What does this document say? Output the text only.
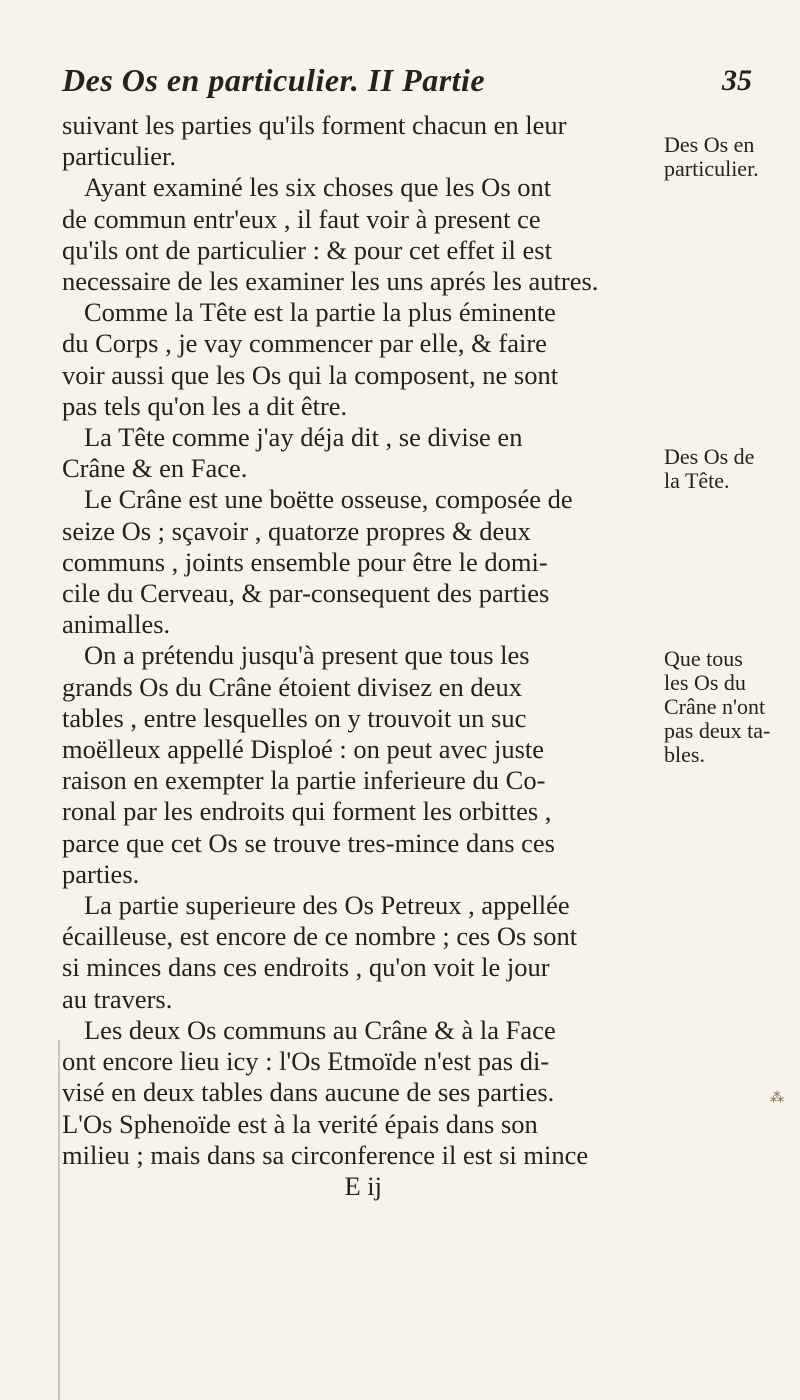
Des Os en particulier. II Partie	35
suivant les parties qu'ils forment chacun en leur
particulier.
Ayant examiné les six choses que les Os ont
de commun entr'eux , il faut voir à present ce
qu'ils ont de particulier : & pour cet effet il est
necessaire de les examiner les uns aprés les autres.
Comme la Tête est la partie la plus éminente
du Corps , je vay commencer par elle, & faire
voir aussi que les Os qui la composent, ne sont
pas tels qu'on les a dit être.
La Tête comme j'ay déja dit , se divise en
Crâne & en Face.
Le Crâne est une boëtte osseuse, composée de
seize Os ; sçavoir , quatorze propres & deux
communs , joints ensemble pour être le domi-
cile du Cerveau, & par-consequent des parties
animalles.
On a prétendu jusqu'à present que tous les
grands Os du Crâne étoient divisez en deux
tables , entre lesquelles on y trouvoit un suc
moëlleux appellé Disploé : on peut avec juste
raison en exempter la partie inferieure du Co-
ronal par les endroits qui forment les orbittes ,
parce que cet Os se trouve tres-mince dans ces
parties.
La partie superieure des Os Petreux , appellée
écailleuse, est encore de ce nombre ; ces Os sont
si minces dans ces endroits , qu'on voit le jour
au travers.
Les deux Os communs au Crâne & à la Face
ont encore lieu icy : l'Os Etmoïde n'est pas di-
visé en deux tables dans aucune de ses parties.
L'Os Sphenoïde est à la verité épais dans son
milieu ; mais dans sa circonference il est si mince
E ij
Des Os en
particulier.
Des Os de
la Tête.
Que tous
les Os du
Crâne n'ont
pas deux ta-
bles.
⁂
